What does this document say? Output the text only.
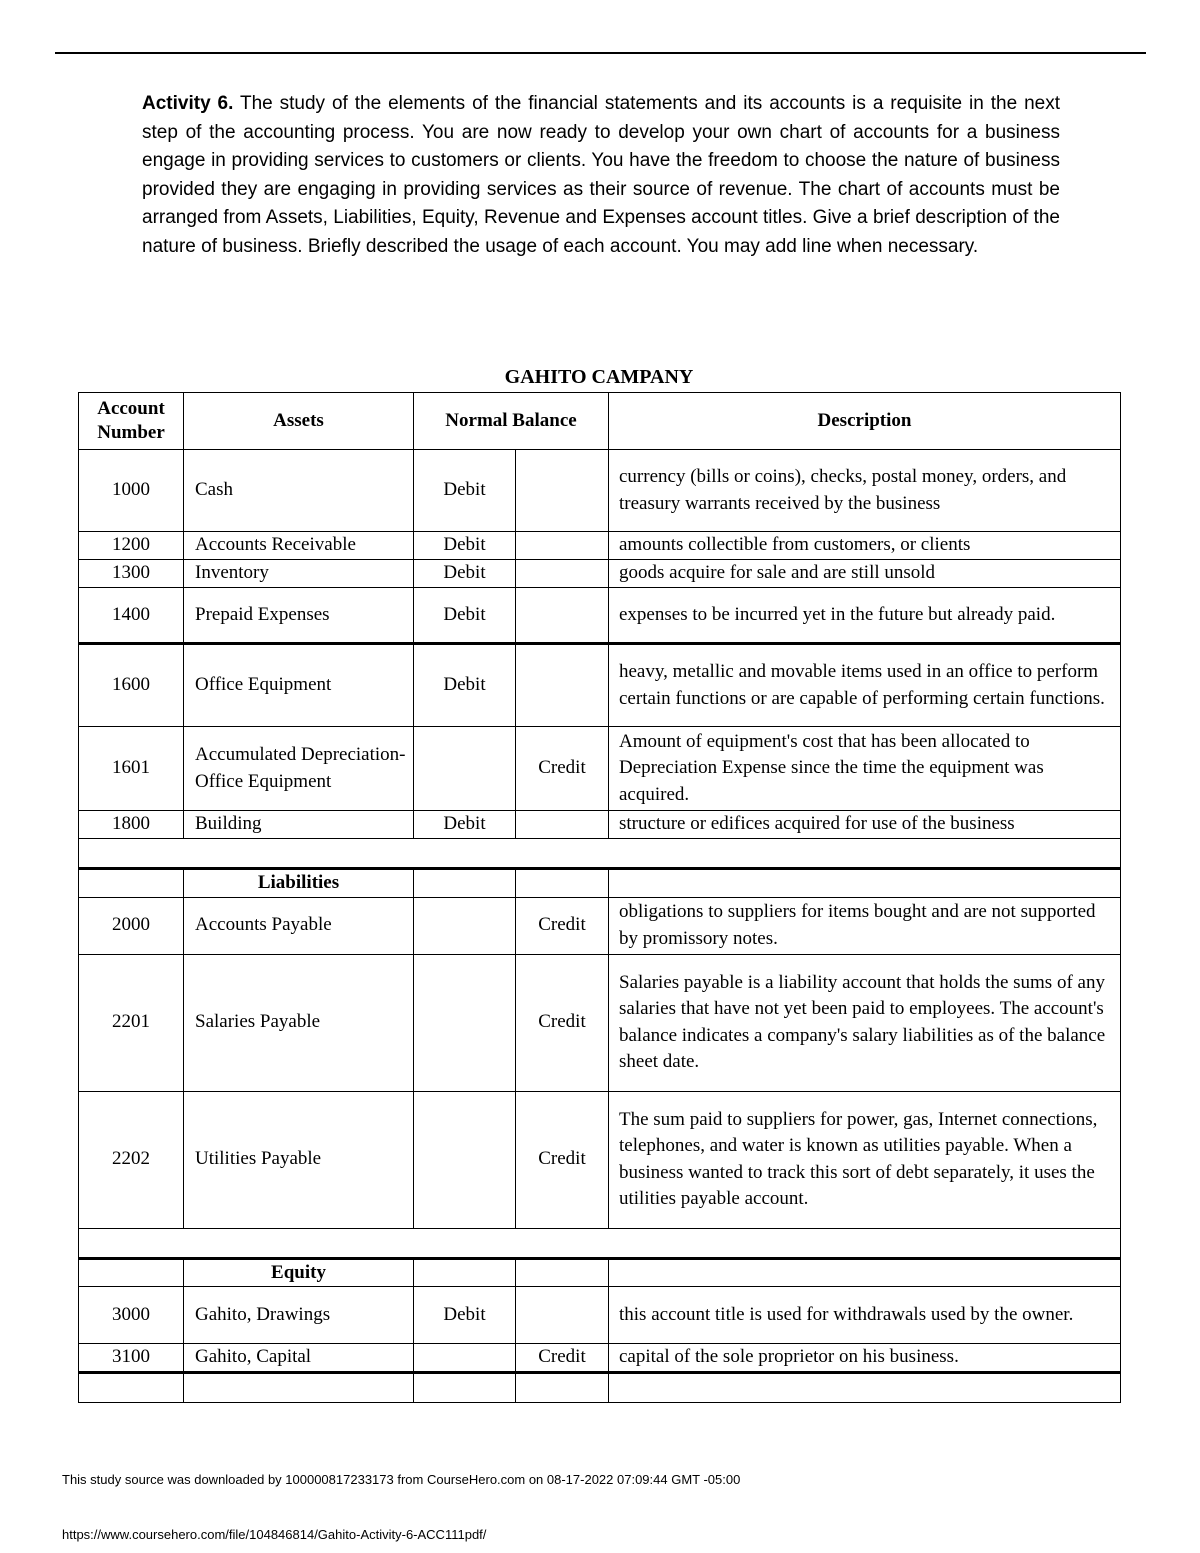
Activity 6. The study of the elements of the financial statements and its accounts is a requisite in the next step of the accounting process. You are now ready to develop your own chart of accounts for a business engage in providing services to customers or clients. You have the freedom to choose the nature of business provided they are engaging in providing services as their source of revenue. The chart of accounts must be arranged from Assets, Liabilities, Equity, Revenue and Expenses account titles. Give a brief description of the nature of business. Briefly described the usage of each account. You may add line when necessary.
GAHITO CAMPANY
Account Number	Assets	Normal Balance		Description
1000	Cash	Debit		currency (bills or coins), checks, postal money, orders, and treasury warrants received by the business
1200	Accounts Receivable	Debit		amounts collectible from customers, or clients
1300	Inventory	Debit		goods acquire for sale and are still unsold
1400	Prepaid Expenses	Debit		expenses to be incurred yet in the future but already paid.
1600	Office Equipment	Debit		heavy, metallic and movable items used in an office to perform certain functions or are capable of performing certain functions.
1601	Accumulated Depreciation-Office Equipment		Credit	Amount of equipment's cost that has been allocated to Depreciation Expense since the time the equipment was acquired.
1800	Building	Debit		structure or edifices acquired for use of the business

	Liabilities			
2000	Accounts Payable		Credit	obligations to suppliers for items bought and are not supported by promissory notes.
2201	Salaries Payable		Credit	Salaries payable is a liability account that holds the sums of any salaries that have not yet been paid to employees. The account's balance indicates a company's salary liabilities as of the balance sheet date.
2202	Utilities Payable		Credit	The sum paid to suppliers for power, gas, Internet connections, telephones, and water is known as utilities payable. When a business wanted to track this sort of debt separately, it uses the utilities payable account.

	Equity			
3000	Gahito, Drawings	Debit		this account title is used for withdrawals used by the owner.
3100	Gahito, Capital		Credit	capital of the sole proprietor on his business.

This study source was downloaded by 100000817233173 from CourseHero.com on 08-17-2022 07:09:44 GMT -05:00
https://www.coursehero.com/file/104846814/Gahito-Activity-6-ACC111pdf/
